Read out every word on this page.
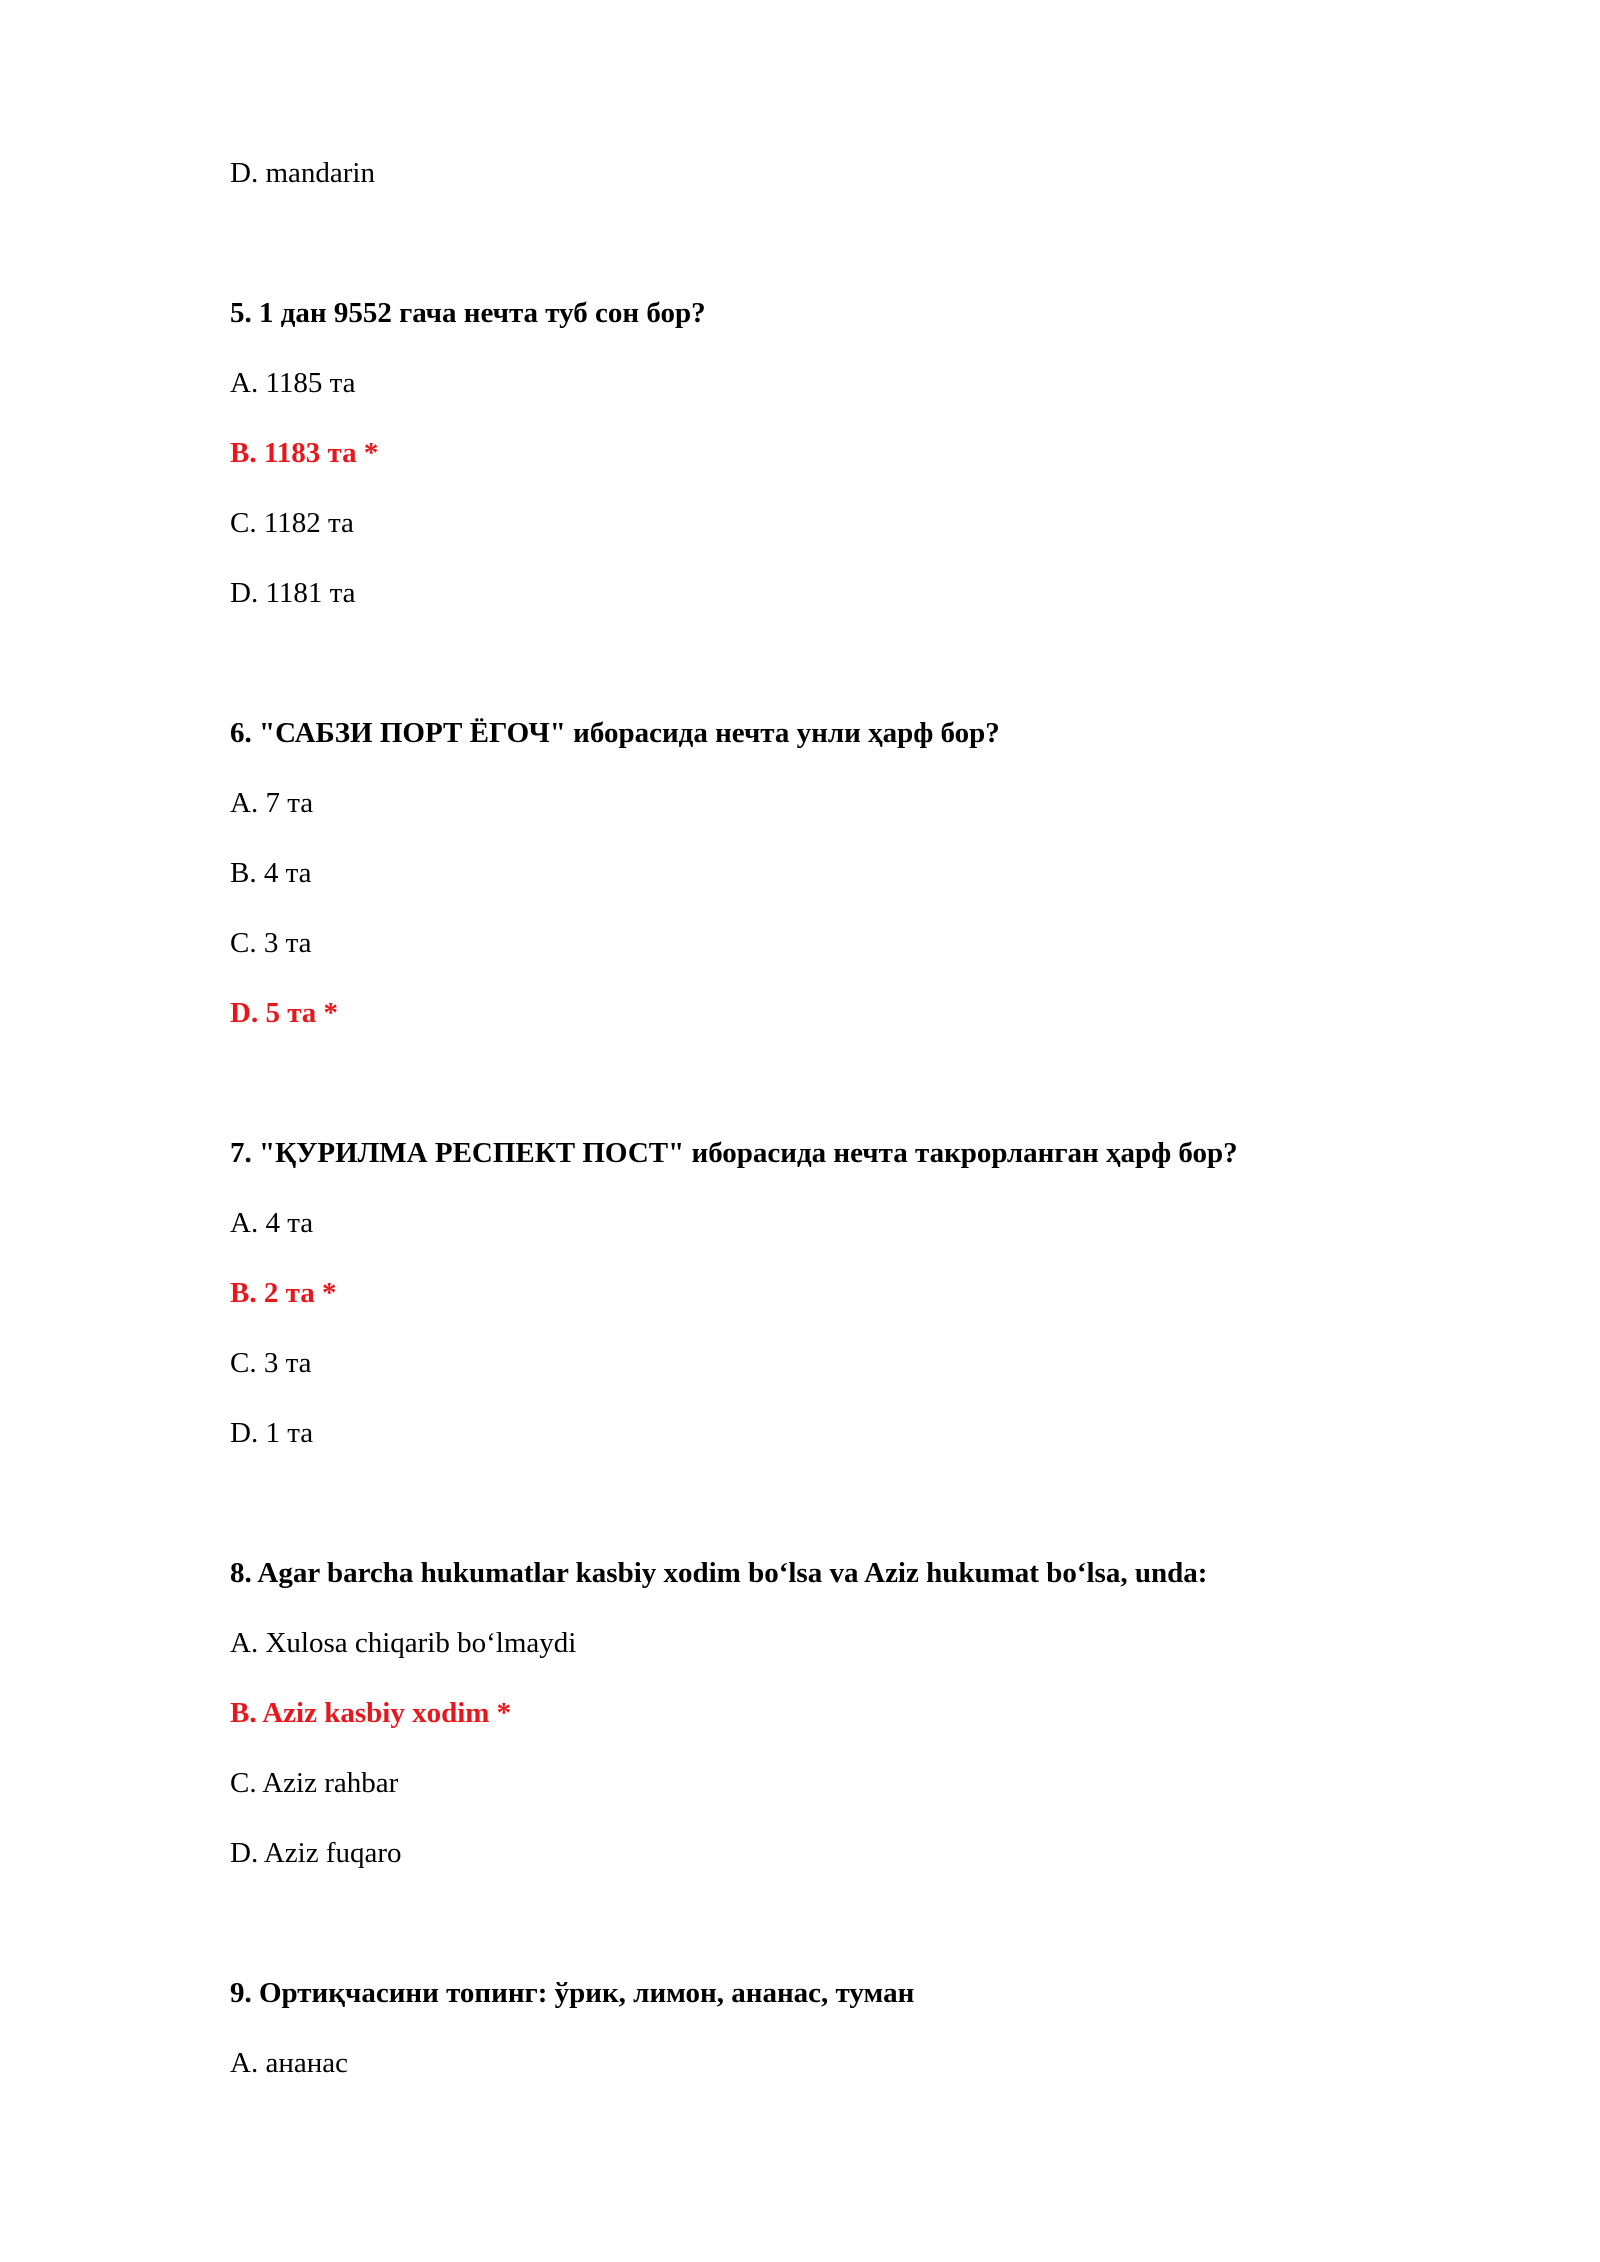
D. mandarin
5. 1 дан 9552 гача нечта туб сон бор?
A. 1185 та
B. 1183 та *
C. 1182 та
D. 1181 та
6. "САБЗИ ПОРТ ЁГОЧ" иборасида нечта унли ҳарф бор?
A. 7 та
B. 4 та
C. 3 та
D. 5 та *
7. "ҚУРИЛМА РЕСПЕКТ ПОСТ" иборасида нечта такрорланган ҳарф бор?
A. 4 та
B. 2 та *
C. 3 та
D. 1 та
8. Agar barcha hukumatlar kasbiy xodim bo‘lsa va Aziz hukumat bo‘lsa, unda:
A. Xulosa chiqarib bo‘lmaydi
B. Aziz kasbiy xodim *
C. Aziz rahbar
D. Aziz fuqaro
9. Ортиқчасини топинг: ўрик, лимон, ананас, туман
A. ананас
